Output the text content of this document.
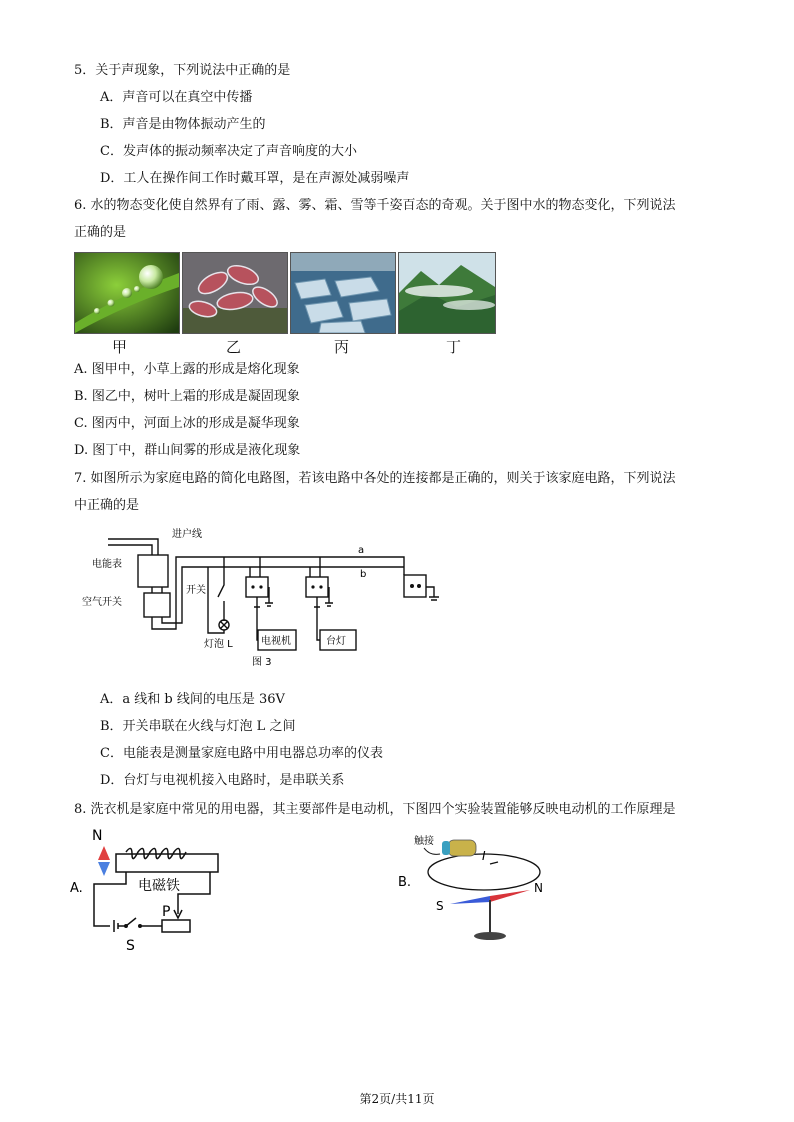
5．关于声现象，下列说法中正确的是
A．声音可以在真空中传播
B．声音是由物体振动产生的
C．发声体的振动频率决定了声音响度的大小
D．工人在操作间工作时戴耳罩，是在声源处减弱噪声
6. 水的物态变化使自然界有了雨、露、雾、霜、雪等千姿百态的奇观。关于图中水的物态变化，下列说法
正确的是
甲	乙	丙	丁
A. 图甲中，小草上露的形成是熔化现象
B. 图乙中，树叶上霜的形成是凝固现象
C. 图丙中，河面上冰的形成是凝华现象
D. 图丁中，群山间雾的形成是液化现象
7. 如图所示为家庭电路的简化电路图，若该电路中各处的连接都是正确的，则关于该家庭电路，下列说法
中正确的是
进户线
电能表
空气开关
开关
灯泡 L	电视机	台灯
a
b
图 3
A．a 线和 b 线间的电压是 36V
B．开关串联在火线与灯泡 L 之间
C．电能表是测量家庭电路中用电器总功率的仪表
D．台灯与电视机接入电路时，是串联关系
8. 洗衣机是家庭中常见的用电器，其主要部件是电动机，下图四个实验装置能够反映电动机的工作原理是
N
A.	电磁铁
P
S
B.
触接
I
S
N
第2页/共11页
